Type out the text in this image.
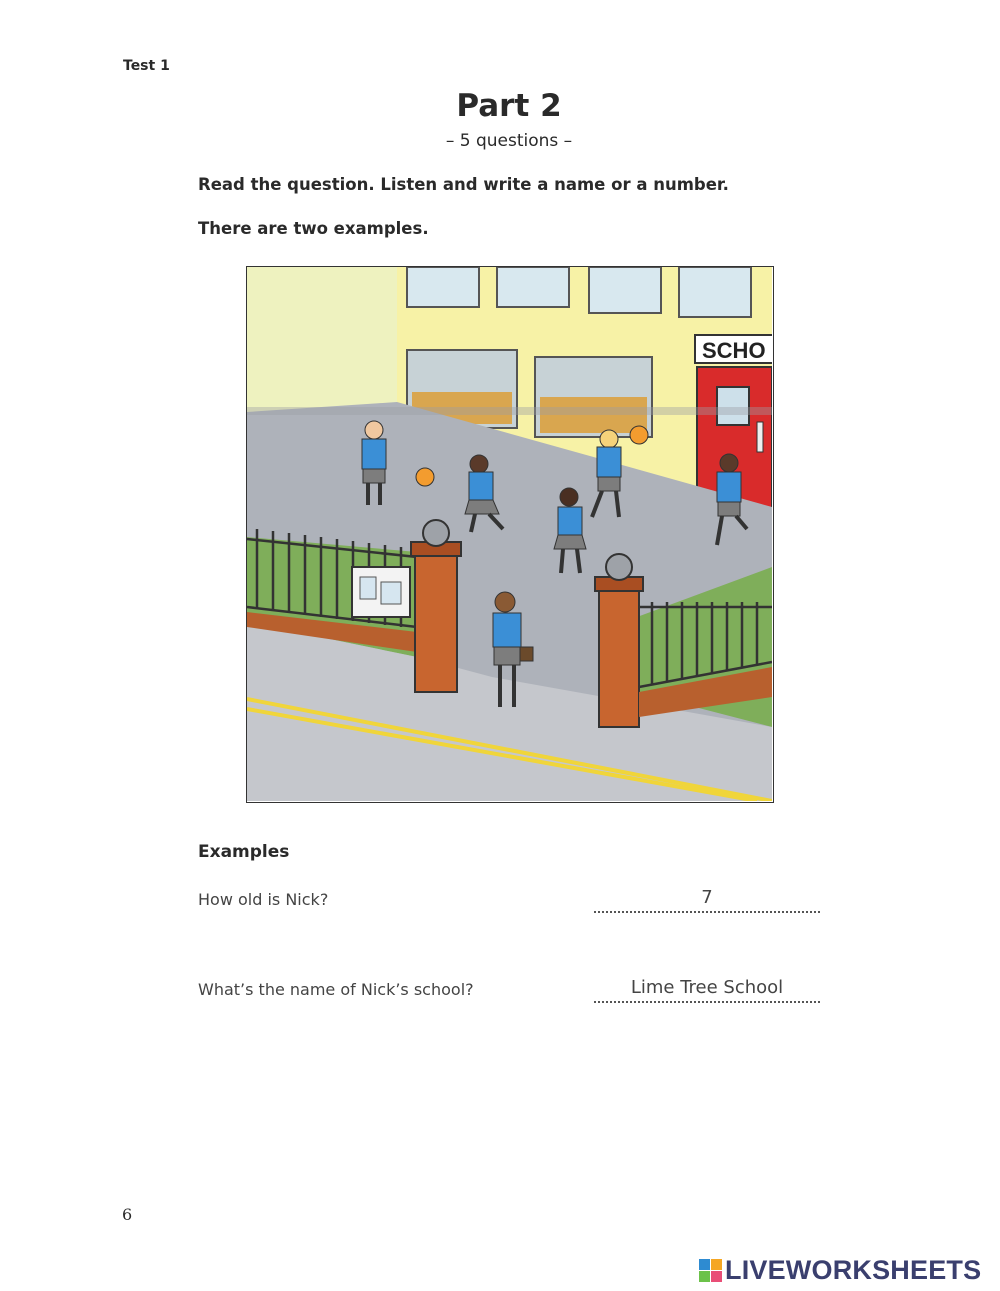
Test 1
Part 2
– 5 questions –
Read the question. Listen and write a name or a number.
There are two examples.
SCHO
Examples
How old is Nick?	7
What’s the name of Nick’s school?	Lime Tree School
6
LIVEWORKSHEETS
